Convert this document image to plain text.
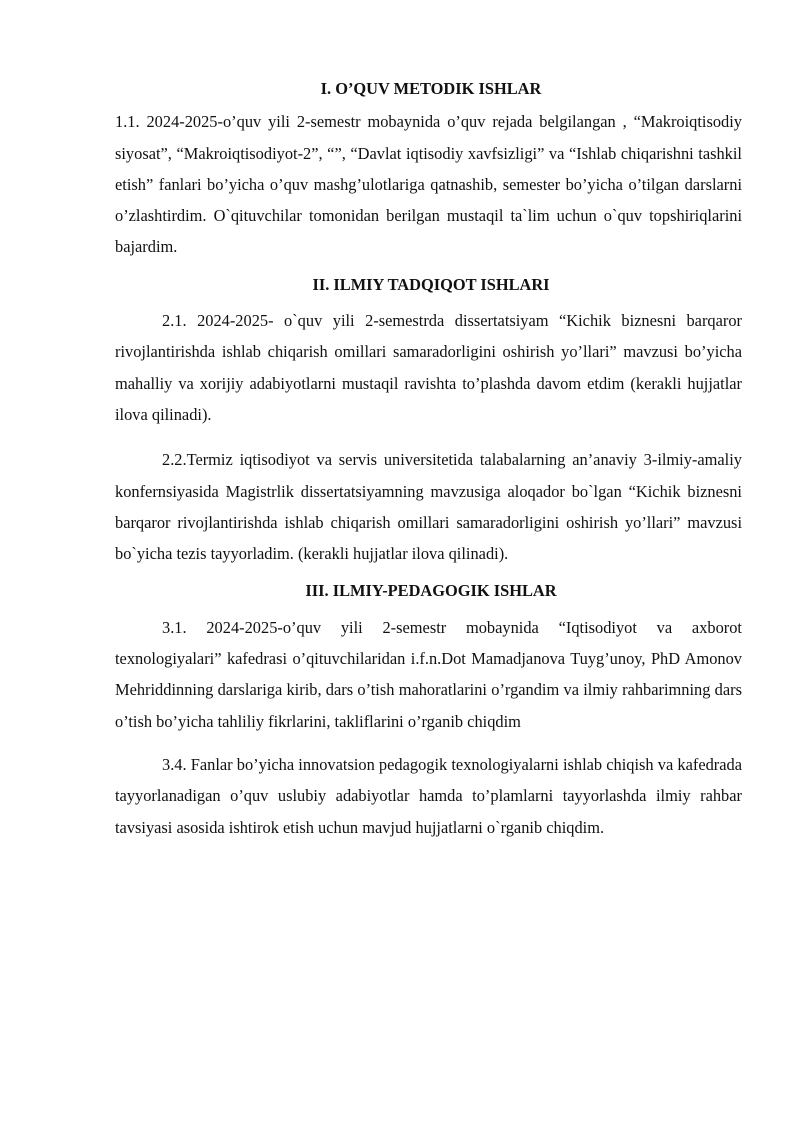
I. O’QUV METODIK ISHLAR

1.1. 2024-2025-o’quv yili 2-semestr mobaynida o’quv rejada belgilangan , “Makroiqtisodiy siyosat”, “Makroiqtisodiyot-2”, “”, “Davlat iqtisodiy xavfsizligi” va “Ishlab chiqarishni tashkil etish” fanlari bo’yicha o’quv mashg’ulotlariga qatnashib, semester bo’yicha o’tilgan darslarni o’zlashtirdim. O`qituvchilar tomonidan berilgan mustaqil ta`lim uchun o`quv topshiriqlarini bajardim.

II. ILMIY TADQIQOT ISHLARI

2.1. 2024-2025- o`quv yili 2-semestrda dissertatsiyam “Kichik biznesni barqaror rivojlantirishda ishlab chiqarish omillari samaradorligini oshirish yo’llari” mavzusi bo’yicha mahalliy va xorijiy adabiyotlarni mustaqil ravishta to’plashda davom etdim (kerakli hujjatlar ilova qilinadi).

2.2.Termiz iqtisodiyot va servis universitetida talabalarning an’anaviy 3-ilmiy-amaliy konfernsiyasida Magistrlik dissertatsiyamning mavzusiga aloqador bo`lgan “Kichik biznesni barqaror rivojlantirishda ishlab chiqarish omillari samaradorligini oshirish yo’llari” mavzusi bo`yicha tezis tayyorladim. (kerakli hujjatlar ilova qilinadi).

III. ILMIY-PEDAGOGIK ISHLAR

3.1. 2024-2025-o’quv yili 2-semestr mobaynida “Iqtisodiyot va axborot texnologiyalari” kafedrasi o’qituvchilaridan i.f.n.Dot Mamadjanova Tuyg’unoy, PhD Amonov Mehriddinning darslariga kirib, dars o’tish mahoratlarini o’rgandim va ilmiy rahbarimning dars o’tish bo’yicha tahliliy fikrlarini, takliflarini o’rganib chiqdim

3.4. Fanlar bo’yicha innovatsion pedagogik texnologiyalarni ishlab chiqish va kafedrada tayyorlanadigan o’quv uslubiy adabiyotlar hamda to’plamlarni tayyorlashda ilmiy rahbar tavsiyasi asosida ishtirok etish uchun mavjud hujjatlarni o`rganib chiqdim.
